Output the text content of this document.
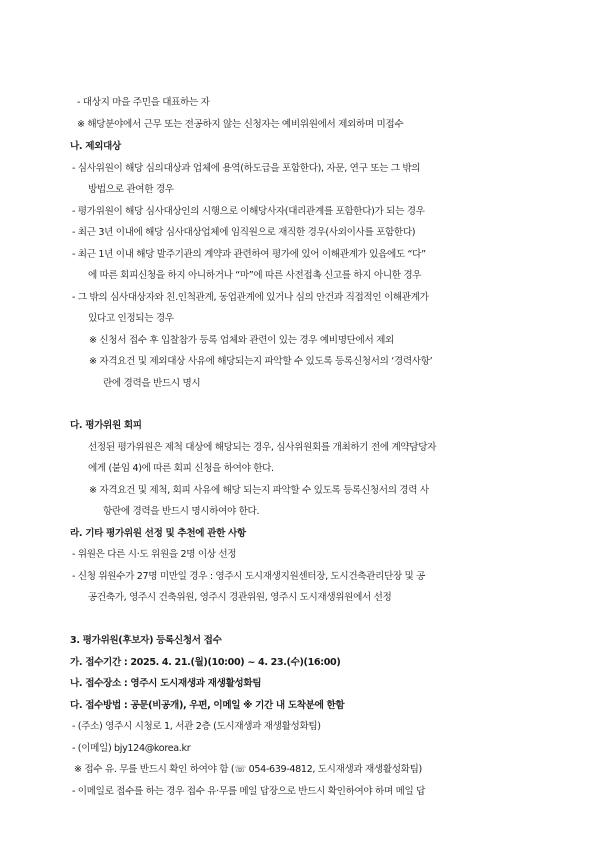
- 대상지 마을 주민을 대표하는 자
※ 해당분야에서 근무 또는 전공하지 않는 신청자는 예비위원에서 제외하며 미접수
나. 제외대상
- 심사위원이 해당 심의대상과 업체에 용역(하도급을 포함한다), 자문, 연구 또는 그 밖의
방법으로 관여한 경우
- 평가위원이 해당 심사대상인의 시행으로 이해당사자(대리관계를 포함한다)가 되는 경우
- 최근 3년 이내에 해당 심사대상업체에 임직원으로 재직한 경우(사외이사를 포함한다)
- 최근 1년 이내 해당 발주기관의 계약과 관련하여 평가에 있어 이해관계가 있음에도 “다”
에 따른 회피신청을 하지 아니하거나 “마”에 따른 사전접촉 신고를 하지 아니한 경우
- 그 밖의 심사대상자와 친.인척관계, 동업관계에 있거나 심의 안건과 직접적인 이해관계가
있다고 인정되는 경우
※ 신청서 접수 후 입찰참가 등록 업체와 관련이 있는 경우 예비명단에서 제외
※ 자격요건 및 제외대상 사유에 해당되는지 파악할 수 있도록 등록신청서의 ‘경력사항’
란에 경력을 반드시 명시
다. 평가위원 회피
선정된 평가위원은 제척 대상에 해당되는 경우, 심사위원회를 개최하기 전에 계약담당자
에게 (붙임 4)에 따른 회피 신청을 하여야 한다.
※ 자격요건 및 제척, 회피 사유에 해당 되는지 파악할 수 있도록 등록신청서의 경력 사
항란에 경력을 반드시 명시하여야 한다.
라. 기타 평가위원 선정 및 추천에 관한 사항
- 위원은 다른 시·도 위원을 2명 이상 선정
- 신청 위원수가 27명 미만일 경우 : 영주시 도시재생지원센터장, 도시건축관리단장 및 공
공건축가, 영주시 건축위원, 영주시 경관위원, 영주시 도시재생위원에서 선정
3. 평가위원(후보자) 등록신청서 접수
가. 접수기간 : 2025. 4. 21.(월)(10:00) ~ 4. 23.(수)(16:00)
나. 접수장소 : 영주시 도시재생과 재생활성화팀
다. 접수방법 : 공문(비공개), 우편, 이메일 ※ 기간 내 도착분에 한함
- (주소) 영주시 시청로 1, 서관 2층 (도시재생과 재생활성화팀)
- (이메일) bjy124@korea.kr
※ 접수 유. 무를 반드시 확인 하여야 함 (☏ 054-639-4812, 도시재생과 재생활성화팀)
- 이메일로 접수를 하는 경우 접수 유·무를 메일 답장으로 반드시 확인하여야 하며 메일 답
